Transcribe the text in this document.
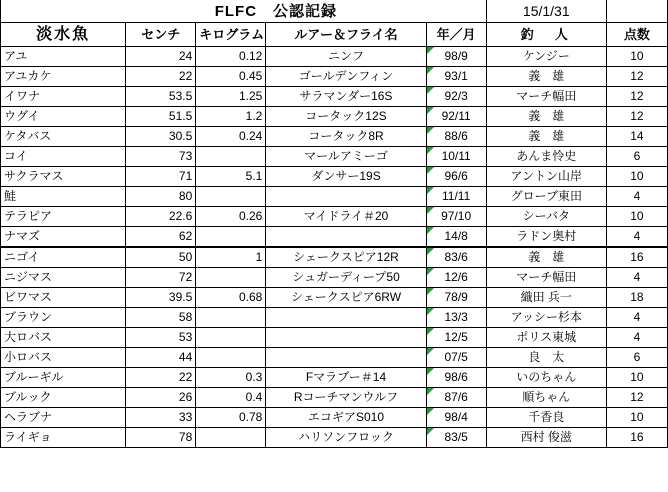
	FLFC　公認記録				15/1/31	
淡水魚	センチ	キログラム	ルアー＆フライ名	年／月	釣　人	点数
アユ	24	0.12	ニンフ	98/9	ケンジー	10
アユカケ	22	0.45	ゴールデンフィン	93/1	義　雄	12
イワナ	53.5	1.25	サラマンダー16S	92/3	マーチ幅田	12
ウグイ	51.5	1.2	コータック12S	92/11	義　雄	12
ケタバス	30.5	0.24	コータック8R	88/6	義　雄	14
コイ	73		マールアミーゴ	10/11	あんま怜史	6
サクラマス	71	5.1	ダンサー19S	96/6	アントン山岸	10
鮭	80			11/11	グローブ東田	4
テラピア	22.6	0.26	マイドライ＃20	97/10	シーバタ	10
ナマズ	62			14/8	ラドン奥村	4
ニゴイ	50	1	シェークスピア12R	83/6	義　雄	16
ニジマス	72		シュガーディープ50	12/6	マーチ幅田	4
ビワマス	39.5	0.68	シェークスピア6RW	78/9	織田 兵一	18
ブラウン	58			13/3	アッシー杉本	4
大ロバス	53			12/5	ポリス東城	4
小ロバス	44			07/5	良　太	6
ブルーギル	22	0.3	Fマラブー＃14	98/6	いのちゃん	10
ブルック	26	0.4	Rコーチマンウルフ	87/6	順ちゃん	12
ヘラブナ	33	0.78	エコギアS010	98/4	千香良	10
ライギョ	78		ハリソンフロック	83/5	西村 俊滋	16
